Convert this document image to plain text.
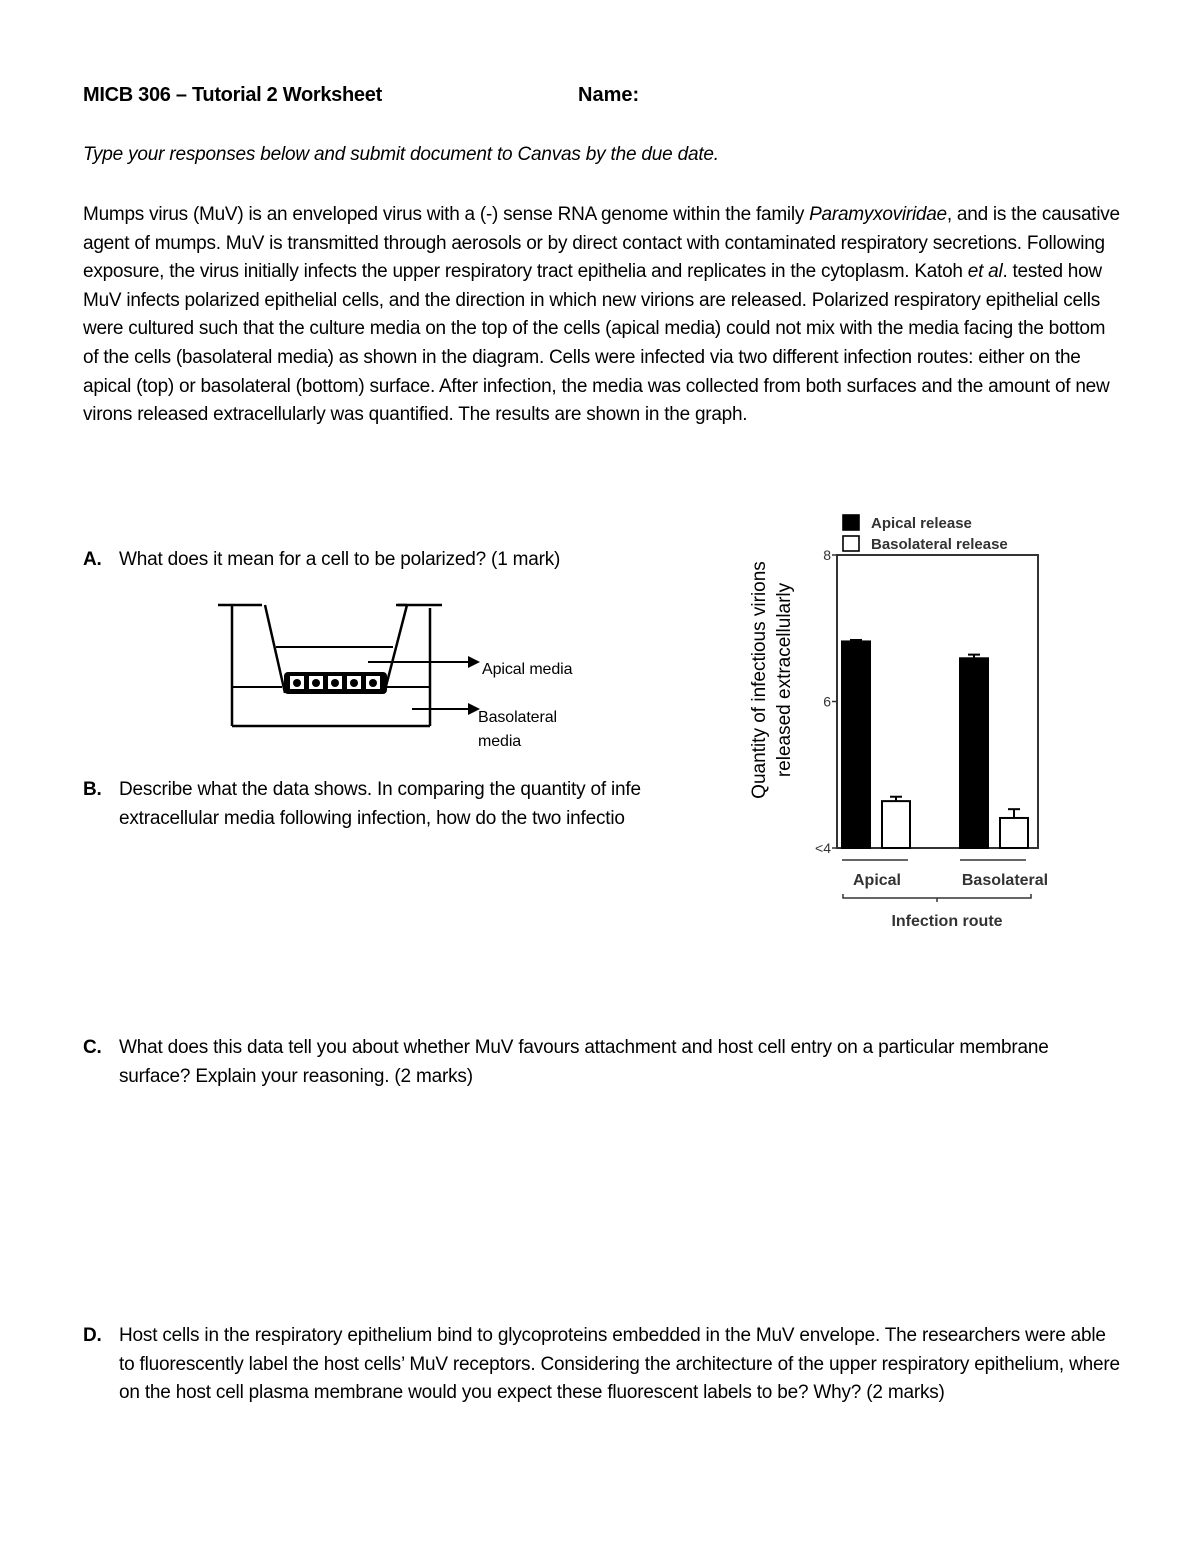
MICB 306 – Tutorial 2 Worksheet	Name:
Type your responses below and submit document to Canvas by the due date.
Mumps virus (MuV) is an enveloped virus with a (-) sense RNA genome within the family Paramyxoviridae, and is the causative agent of mumps. MuV is transmitted through aerosols or by direct contact with contaminated respiratory secretions. Following exposure, the virus initially infects the upper respiratory tract epithelia and replicates in the cytoplasm. Katoh et al. tested how MuV infects polarized epithelial cells, and the direction in which new virions are released. Polarized respiratory epithelial cells were cultured such that the culture media on the top of the cells (apical media) could not mix with the media facing the bottom of the cells (basolateral media) as shown in the diagram. Cells were infected via two different infection routes: either on the apical (top) or basolateral (bottom) surface. After infection, the media was collected from both surfaces and the amount of new virons released extracellularly was quantified. The results are shown in the graph.
A. What does it mean for a cell to be polarized? (1 mark)
Apical media
Basolateral
media
B. Describe what the data shows. In comparing the quantity of infe
extracellular media following infection, how do the two infectio
Apical release
Basolateral release
<4
6
8
Apical	Basolateral
Infection route
Quantity of infectious virions released extracellularly
C. What does this data tell you about whether MuV favours attachment and host cell entry on a particular membrane surface? Explain your reasoning. (2 marks)
D. Host cells in the respiratory epithelium bind to glycoproteins embedded in the MuV envelope. The researchers were able to fluorescently label the host cells’ MuV receptors. Considering the architecture of the upper respiratory epithelium, where on the host cell plasma membrane would you expect these fluorescent labels to be? Why? (2 marks)
